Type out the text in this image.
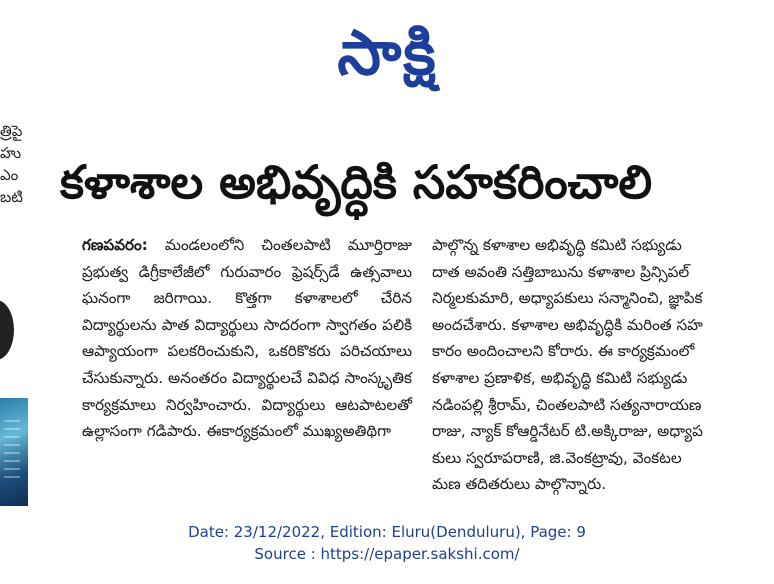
సాక్షి
త్రిపై
హు
ఎం
బటి కళాశాల అభివృద్ధికి సహకరించాలి
గణపవరం: మండలంలోని చింతలపాటి మూర్తిరాజు ప్రభుత్వ డిగ్రీకాలేజీలో గురువారం ఫ్రెషర్స్‌డే ఉత్సవాలు ఘనంగా జరిగాయి. కొత్తగా కళాశాలలో చేరిన విద్యార్థులను పాత విద్యార్థులు సాదరంగా స్వాగతం పలికి ఆప్యాయంగా పలకరించుకుని, ఒకరికొకరు పరిచయాలు చేసుకున్నారు. అనంతరం విద్యార్థులచే వివిధ సాంస్కృతిక కార్యక్రమాలు నిర్వహించారు. విద్యార్థులు ఆటపాటలతో ఉల్లాసంగా గడిపారు. ఈకార్యక్రమంలో ముఖ్యఅతిథిగా
పాల్గొన్న కళాశాల అభివృద్ధి కమిటి సభ్యుడు
దాత అవంతి సత్తిబాబును కళాశాల ప్రిన్సిపల్
నిర్మలకుమారి, అధ్యాపకులు సన్మానించి, జ్ఞాపిక
అందచేశారు. కళాశాల అభివృద్ధికి మరింత సహ
కారం అందించాలని కోరారు. ఈ కార్యక్రమంలో
కళాశాల ప్రణాళిక, అభివృద్ధి కమిటి సభ్యుడు
నడింపల్లి శ్రీరామ్, చింతలపాటి సత్యనారాయణ
రాజు, న్యాక్ కోఆర్డినేటర్ టి.అక్కిరాజు, అధ్యాప
కులు స్వరూపరాణి, జి.వెంకట్రావు, వెంకటల
మణ తదితరులు పాల్గొన్నారు.
Date: 23/12/2022, Edition: Eluru(Denduluru), Page: 9
Source : https://epaper.sakshi.com/
